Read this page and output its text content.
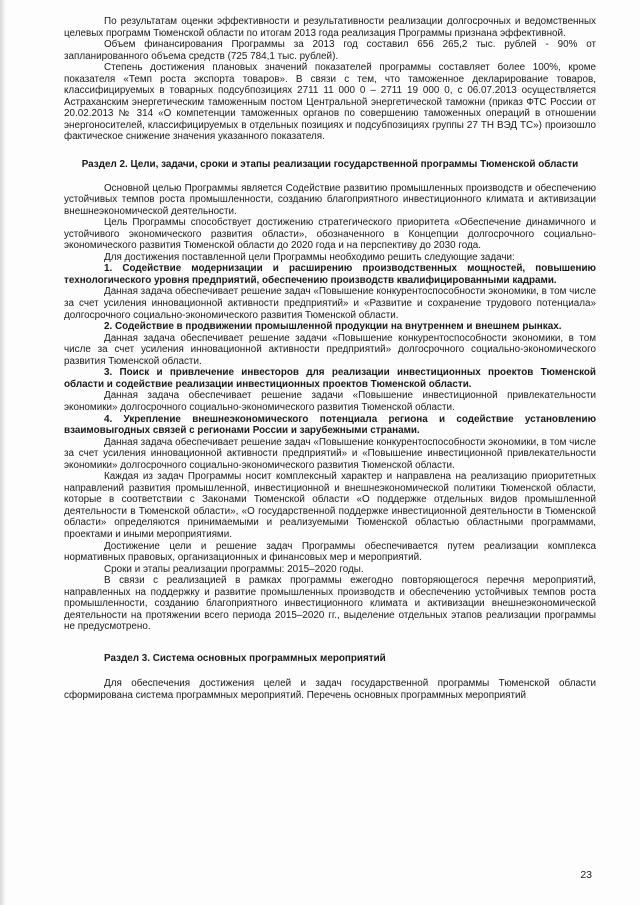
По результатам оценки эффективности и результативности реализации долгосрочных и ведомственных целевых программ Тюменской области по итогам 2013 года реализация Программы признана эффективной.

Объем финансирования Программы за 2013 год составил 656 265,2 тыс. рублей - 90% от запланированного объема средств (725 784,1 тыс. рублей).

Степень достижения плановых значений показателей программы составляет более 100%, кроме показателя «Темп роста экспорта товаров». В связи с тем, что таможенное декларирование товаров, классифицируемых в товарных подсубпозициях 2711 11 000 0 – 2711 19 000 0, с 06.07.2013 осуществляется Астраханским энергетическим таможенным постом Центральной энергетической таможни (приказ ФТС России от 20.02.2013 № 314 «О компетенции таможенных органов по совершению таможенных операций в отношении энергоносителей, классифицируемых в отдельных позициях и подсубпозициях группы 27 ТН ВЭД ТС») произошло фактическое снижение значения указанного показателя.

Раздел 2. Цели, задачи, сроки и этапы реализации государственной программы Тюменской области

Основной целью Программы является Содействие развитию промышленных производств и обеспечению устойчивых темпов роста промышленности, созданию благоприятного инвестиционного климата и активизации внешнеэкономической деятельности.

Цель Программы способствует достижению стратегического приоритета «Обеспечение динамичного и устойчивого экономического развития области», обозначенного в Концепции долгосрочного социально-экономического развития Тюменской области до 2020 года и на перспективу до 2030 года.

Для достижения поставленной цели Программы необходимо решить следующие задачи:

1. Содействие модернизации и расширению производственных мощностей, повышению технологического уровня предприятий, обеспечению производств квалифицированными кадрами.

Данная задача обеспечивает решение задач «Повышение конкурентоспособности экономики, в том числе за счет усиления инновационной активности предприятий» и «Развитие и сохранение трудового потенциала» долгосрочного социально-экономического развития Тюменской области.

2. Содействие в продвижении промышленной продукции на внутреннем и внешнем рынках.

Данная задача обеспечивает решение задачи «Повышение конкурентоспособности экономики, в том числе за счет усиления инновационной активности предприятий» долгосрочного социально-экономического развития Тюменской области.

3. Поиск и привлечение инвесторов для реализации инвестиционных проектов Тюменской области и содействие реализации инвестиционных проектов Тюменской области.

Данная задача обеспечивает решение задачи «Повышение инвестиционной привлекательности экономики» долгосрочного социально-экономического развития Тюменской области.

4. Укрепление внешнеэкономического потенциала региона и содействие установлению взаимовыгодных связей с регионами России и зарубежными странами.

Данная задача обеспечивает решение задач «Повышение конкурентоспособности экономики, в том числе за счет усиления инновационной активности предприятий» и «Повышение инвестиционной привлекательности экономики» долгосрочного социально-экономического развития Тюменской области.

Каждая из задач Программы носит комплексный характер и направлена на реализацию приоритетных направлений развития промышленной, инвестиционной и внешнеэкономической политики Тюменской области, которые в соответствии с Законами Тюменской области «О поддержке отдельных видов промышленной деятельности в Тюменской области», «О государственной поддержке инвестиционной деятельности в Тюменской области» определяются принимаемыми и реализуемыми Тюменской областью областными программами, проектами и иными мероприятиями.

Достижение цели и решение задач Программы обеспечивается путем реализации комплекса нормативных правовых, организационных и финансовых мер и мероприятий.

Сроки и этапы реализации программы: 2015–2020 годы.

В связи с реализацией в рамках программы ежегодно повторяющегося перечня мероприятий, направленных на поддержку и развитие промышленных производств и обеспечению устойчивых темпов роста промышленности, созданию благоприятного инвестиционного климата и активизации внешнеэкономической деятельности на протяжении всего периода 2015–2020 гг., выделение отдельных этапов реализации программы не предусмотрено.

Раздел 3. Система основных программных мероприятий

Для обеспечения достижения целей и задач государственной программы Тюменской области сформирована система программных мероприятий. Перечень основных программных мероприятий

23
